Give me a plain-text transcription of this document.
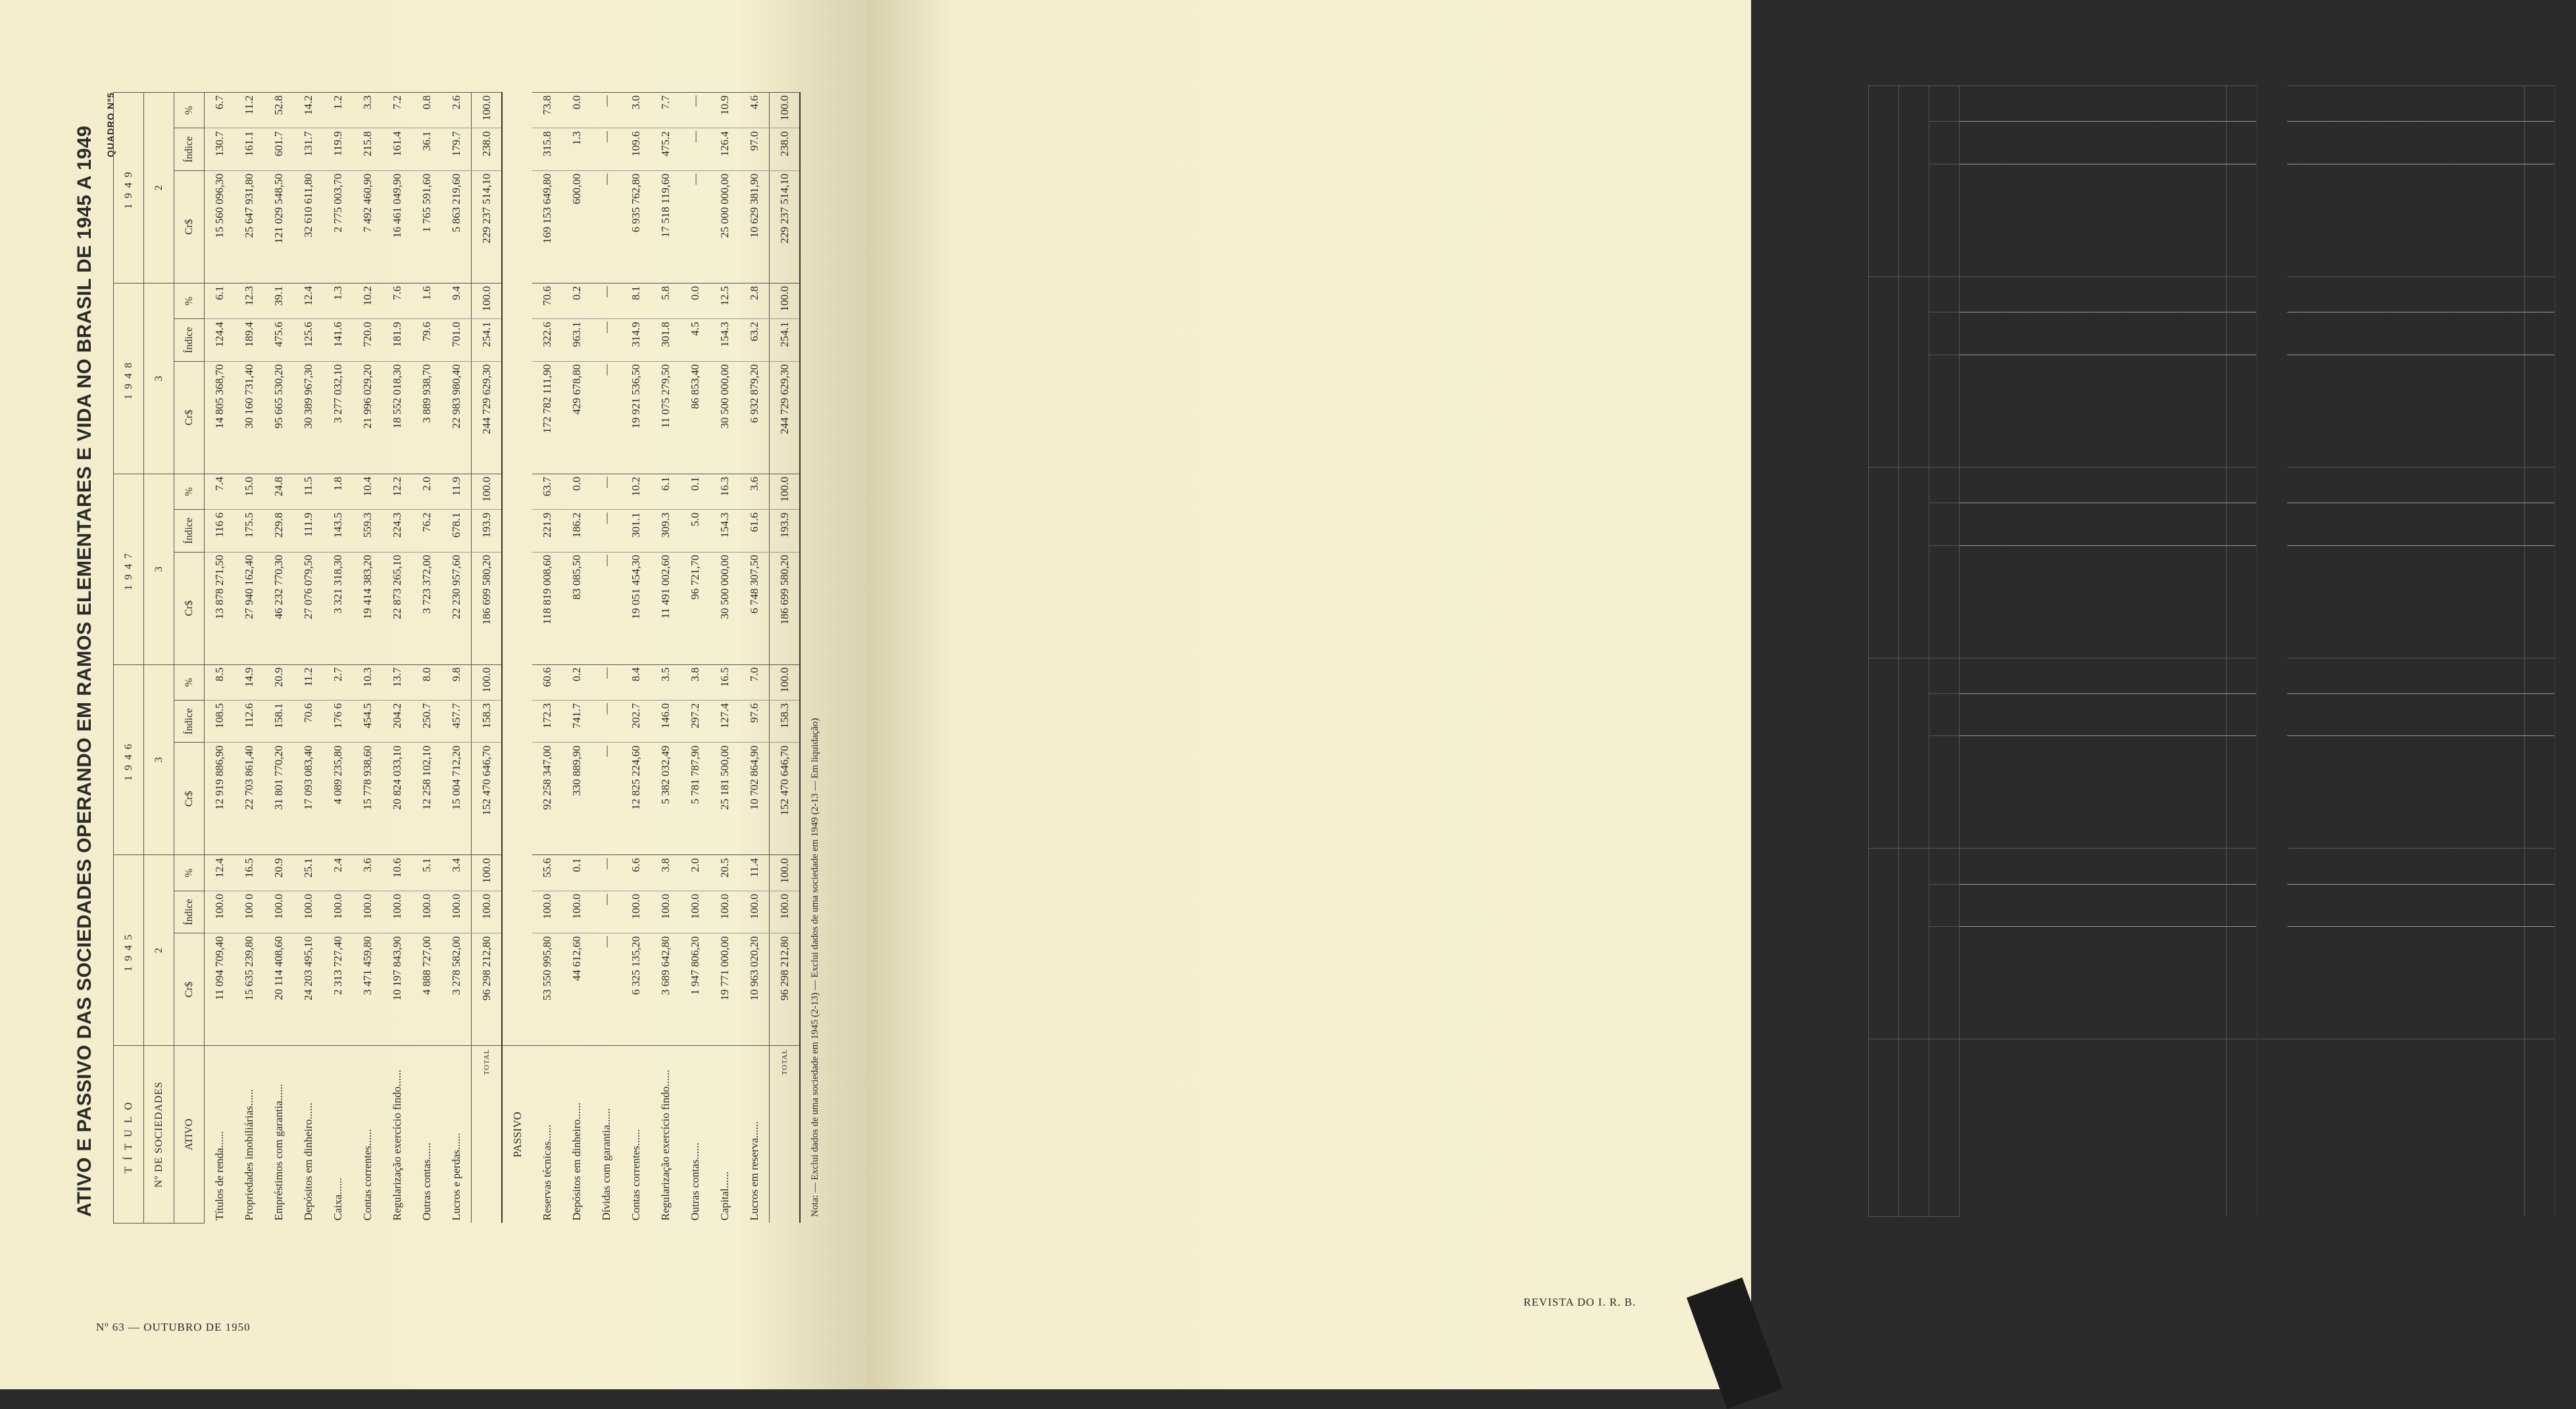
ATIVO E PASSIVO DAS SOCIEDADES OPERANDO EM RAMOS ELEMENTARES E VIDA NO BRASIL DE 1945 A 1949
QUADRO Nº5
TÍTULO	1945			1946			1947			1948			1949		
Nº DE SOCIEDADES	2			3			3			3			2		
ATIVO	Cr$	Índice	%	Cr$	Índice	%	Cr$	Índice	%	Cr$	Índice	%	Cr$	Índice	%
Títulos de renda......	11 094 709,40	100.0	12.4	12 919 886,90	108.5	8.5	13 878 271,50	116 6	7.4	14 805 368,70	124.4	6.1	15 560 096,30	130.7	6.7
Propriedades imobiliárias......	15 635 239,80	100 0	16.5	22 703 861,40	112.6	14.9	27 940 162,40	175.5	15.0	30 160 731,40	189.4	12.3	25 647 931,80	161.1	11.2
Empréstimos com garantia......	20 114 408,60	100.0	20.9	31 801 770,20	158.1	20.9	46 232 770,30	229.8	24.8	95 665 530,20	475.6	39.1	121 029 548,50	601.7	52.8
Depósitos em dinheiro......	24 203 495,10	100.0	25.1	17 093 083,40	70.6	11.2	27 076 079,50	111.9	11.5	30 389 967,30	125.6	12.4	32 610 611,80	131.7	14.2
Caixa......	2 313 727,40	100.0	2.4	4 089 235,80	176 6	2.7	3 321 318,30	143.5	1.8	3 277 032,10	141.6	1.3	2 775 003,70	119.9	1.2
Contas correntes......	3 471 459,80	100.0	3.6	15 778 938,60	454.5	10.3	19 414 383,20	559.3	10.4	21 996 029,20	720.0	10.2	7 492 460,90	215.8	3.3
Regularização exercício findo......	10 197 843,90	100.0	10.6	20 824 033,10	204.2	13.7	22 873 265,10	224.3	12.2	18 552 018,30	181.9	7.6	16 461 049,90	161.4	7.2
Outras contas......	4 888 727,00	100.0	5.1	12 258 102,10	250.7	8.0	3 723 372,00	76.2	2.0	3 889 938,70	79.6	1.6	1 765 591,60	36.1	0.8
Lucros e perdas......	3 278 582,00	100.0	3.4	15 004 712,20	457.7	9.8	22 230 957,60	678.1	11.9	22 983 980,40	701.0	9.4	5 863 219,60	179.7	2.6
TOTAL	96 298 212,80	100.0	100.0	152 470 646,70	158.3	100.0	186 699 580,20	193.9	100.0	244 729 629,30	254.1	100.0	229 237 514,10	238.0	100.0
PASSIVO															
Reservas técnicas......	53 550 995,80	100.0	55.6	92 258 347,00	172.3	60.6	118 819 008,60	221.9	63.7	172 782 111,90	322.6	70.6	169 153 649,80	315.8	73.8
Depósitos em dinheiro......	44 612,60	100.0	0.1	330 889,90	741.7	0.2	83 085,50	186.2	0.0	429 678,80	963.1	0.2	600,00	1.3	0.0
Dívidas com garantia......	—	—	—	—	—	—	—	—	—	—	—	—	—	—	—
Contas correntes......	6 325 135,20	100.0	6.6	12 825 224,60	202.7	8.4	19 051 454,30	301.1	10.2	19 921 536,50	314.9	8.1	6 935 762,80	109.6	3.0
Regularização exercício findo......	3 689 642,80	100.0	3.8	5 382 032,49	146.0	3.5	11 491 002,60	309.3	6.1	11 075 279,50	301.8	5.8	17 518 119,60	475.2	7.7
Outras contas......	1 947 806,20	100.0	2.0	5 781 787,90	297.2	3.8	96 721,70	5.0	0.1	86 853,40	4.5	0.0	—	—	—
Capital......	19 771 000,00	100.0	20.5	25 181 500,00	127.4	16.5	30 500 000,00	154.3	16.3	30 500 000,00	154.3	12.5	25 000 000,00	126.4	10.9
Lucros em reserva......	10 963 020,20	100.0	11.4	10 702 864,90	97.6	7.0	6 748 307,50	61.6	3.6	6 932 879,20	63.2	2.8	10 629 381,90	97.0	4.6
TOTAL	96 298 212,80	100.0	100.0	152 470 646,70	158.3	100.0	186 699 580,20	193.9	100.0	244 729 629,30	254.1	100.0	229 237 514,10	238.0	100.0
Nota: — Exclui dados de uma sociedade em 1945 (2-13) — Exclui dados de uma sociedade em 1949 (2-13 — Em liquidação)
Nº 63 — OUTUBRO DE 1950
ATIVO E PASSIVO DAS SOCIEDADES OPERANDO EM ACIDENTES DO TRABALHO NO BRASIL DE 1945 A 1949
QUADRO Nº6
TÍTULO	1945			1946			1947			1948			1949		
Nº DE SOCIEDADES	20			21			22			22			21		
ATIVO	Cr$	Índice	%	Cr$	Índice	%	Cr$	Índice	%	Cr$	Índice	%	Cr$	Índice	%
Títulos de renda......	10 610 616,10	100.0	14.6	15 099 962,50	142.3	14.9	17 147 615,20	161.6	14.8	19 266 850,30	181.9	11.8	17 757 514,30	167.4	13.8
Propriedades imobiliárias......	7 300 997,90	100.0	10.0	5 728 170,40	78.5	5.6	8 346 691,90	114.3	7.2	12 504 491,90	171.3	9.6	14 381 457,00	197 0	11.2
Empréstimos com garantia......	321 000,00	100.0	0.4	300 000,00	93.5	0.3	1 647 168,80	513.1	1.4	1 310 000,00	408.1	1.0	2 050 000,00	638.6	1.6
Depósitos em dinheiro......	29 114 820,40	100.0	40.0	39 692 136,90	136.3	39.1	40 022 925,40	137.5	34.7	45 317 502,50	155.7	34.8	48 013 712,60	164.9	37.3
Caixa......	1 818 657,40	100.0	2.5	2 740 451,70	150.7	2.7	1 733 239,90	95.3	1.5	1 629 997,80	89.5	1.3	2 397 838,90	131.8	1.9
Contas correntes......	11 228 607,10	100.0	15.4	12 509 198,20	111.4	12.3	23 437 954,30	208.7	20.3	25 029 171,30	222.9	19.3	21 985 312,40	195.8	17.1
Regularização exercício findo......	10 126 645,20	100.0	13.9	15 456 770,00	152.6	15.2	18 957 691,50	187.2	16.4	20 183 112,70	199.3	15.5	16 671 731,10	164.6	13.0
Outras contas......	2 275 341,80	100.0	3.1	10 072 127,30	442.7	9.9	4 136 227,60	181.8	3.6	4 814 581,90	211.6	3.7	5 273 317,60	231.8	4.1
Lucros e perdas......	69 966,60	100.0	0.1	—	—	—	70 426,20	100.7	0.1	—	—	—	—	—	—
TOTAL	72 866 661,50	100.0	100.0	101 598 820,00	139.4	100.0	115 499 340,80	158.5	100.0	130 082 798,40	178.5	100.0	128 530 913,90	176.4	100.0
PASSIVO															
Reservas técnicas......	29 987 262,20	100.0	41.2	45 110 351,30	150.4	44.5	52 269 613,60	174.3	45.2	56 617 994,90	188.8	43.6	52 728 057,00	175.8	41.0
Depósito em dinheiro......	—	—	—	—	—	—	—	—	—	—	—	—	—	—	—
Dívidas com garantia......	306 951,70	100.0	0.4	—	—	—	—	—	—	—	—	—	—	—	—
Contas correntes......	7 950 582,00	100.0	10.9	3 192 151,90	40.2	3.1	9 889 050,20	124.4	8.6	7 590 420,40	95.5	5.8	5 882 896,90	74.0	4.6
Regularização exercício findo......	2 189 707,00	100.0	3.0	3 817 756,10	174.4	3.8	22 443 661,70	1025.0	19.4	24 857 705,90	1135.7	19.1	25 399 769,60	1160.0	19.8
Outras contas......	9 032 351,60	100.0	12.4	20 642 955,90	228.5	20.3	4 962 530,80	54.9	4.3	2 244 225,40	21.8	1.7	2 365 749,60	26.2	1.8
Capital......	9 177 500,00	100.0	12.6	9 799 360,00	106.7	9.6	10 582 392,00	115.3	9.2	11 021 319,50	120.1	8.5	10 705 332,00	116.6	8.3
Lucros em reserva......	14 222 307,00	100.0	19.5	19 044 944,50	133.9	18.7	15 351 162,50	107.9	13.3	27 738 012,30	195.0	21.3	31 449 108,80	221.1	24.5
TOTAL	72 866 661,50	100.0	100.0	101 598 820,00	139.4	100.0	115 499 340,80	158.5	100.0	130 082 798,40	178.5	100.0	128 530 913,90	176.4	100.0
Nota: — Exclui dados de uma sociedade em 1945 (5-13) — Exclui dados de uma sociedade em 1949 (5-13—em liquidação).
REVISTA DO I. R. B.
